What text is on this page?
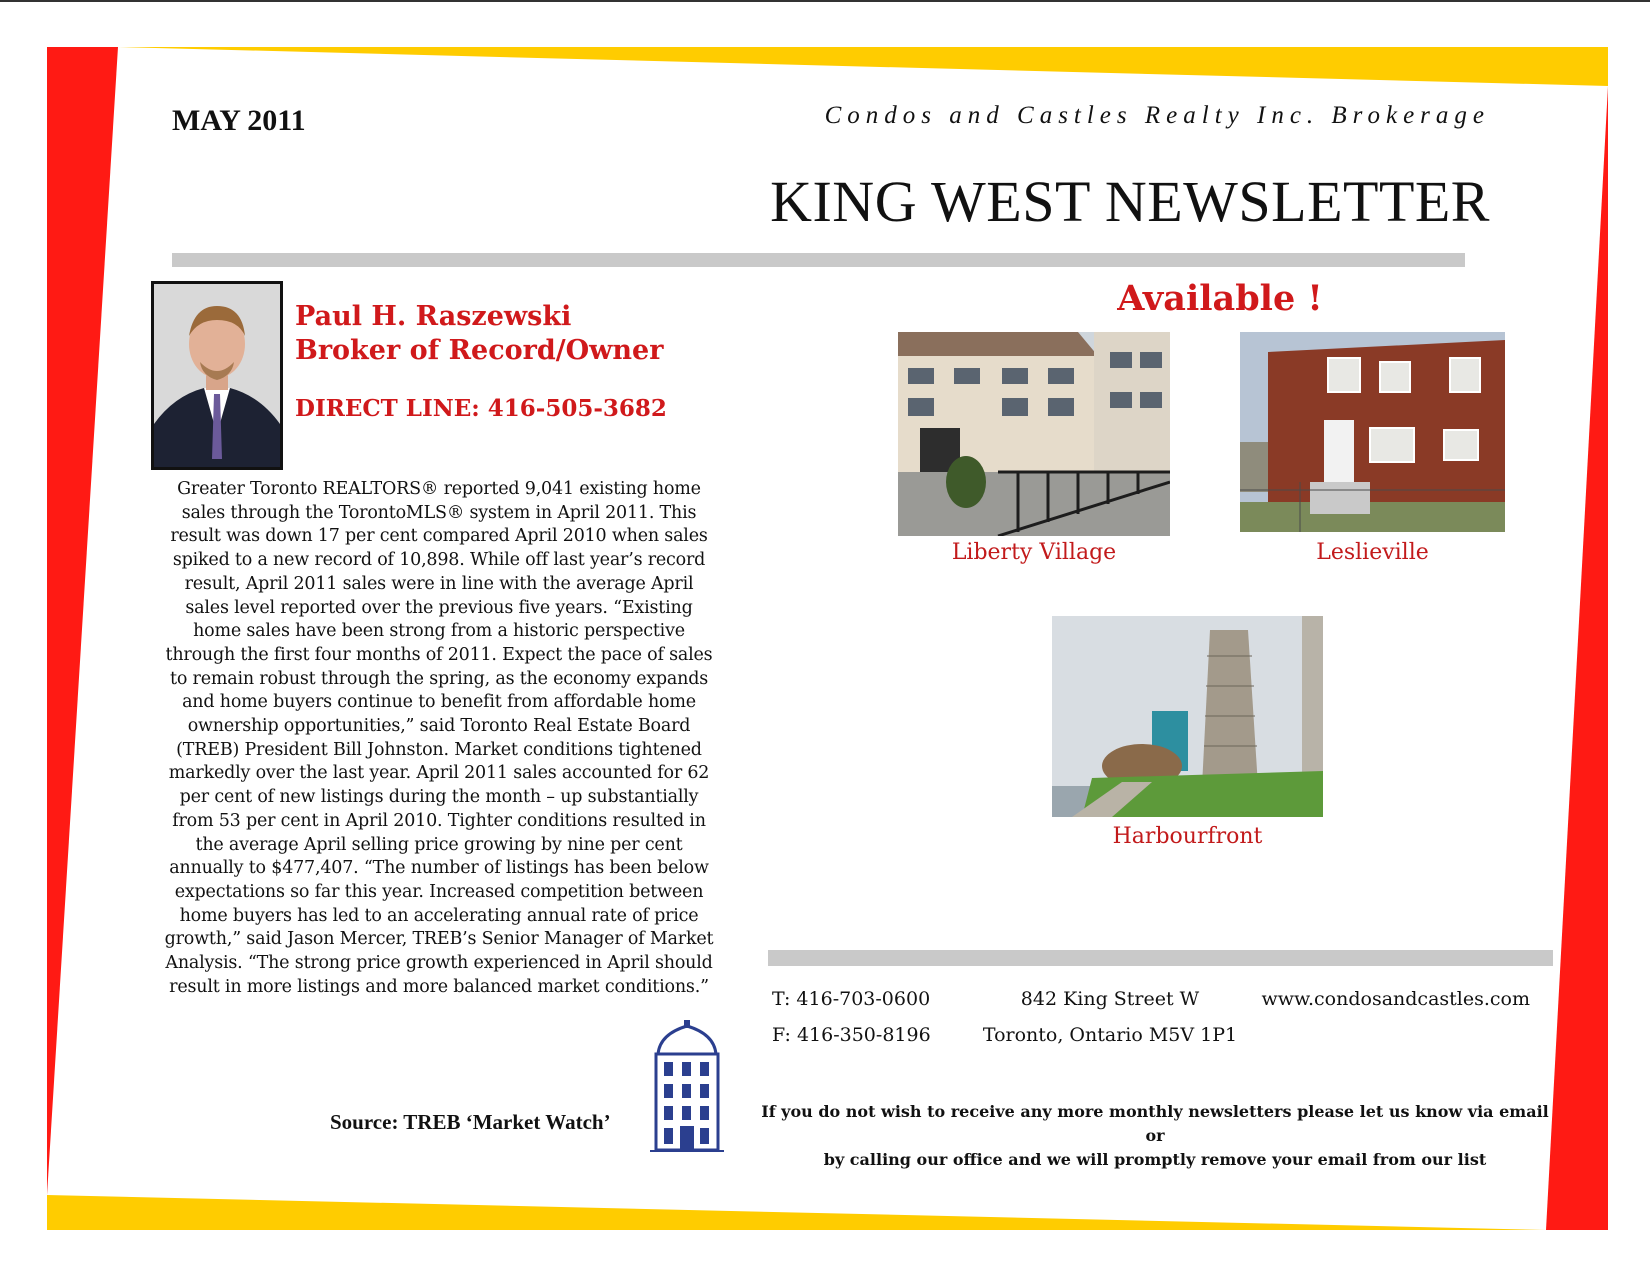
MAY 2011	Condos and Castles Realty Inc. Brokerage
KING WEST NEWSLETTER
Paul H. Raszewski
Broker of Record/Owner
DIRECT LINE: 416-505-3682
Greater Toronto REALTORS® reported 9,041 existing home sales through the TorontoMLS® system in April 2011. This result was down 17 per cent compared April 2010 when sales spiked to a new record of 10,898. While off last year’s record result, April 2011 sales were in line with the average April sales level reported over the previous five years. “Existing home sales have been strong from a historic perspective through the first four months of 2011. Expect the pace of sales to remain robust through the spring, as the economy expands and home buyers continue to benefit from affordable home ownership opportunities,” said Toronto Real Estate Board (TREB) President Bill Johnston. Market conditions tightened markedly over the last year. April 2011 sales accounted for 62 per cent of new listings during the month – up substantially from 53 per cent in April 2010. Tighter conditions resulted in the average April selling price growing by nine per cent annually to $477,407. “The number of listings has been below expectations so far this year. Increased competition between home buyers has led to an accelerating annual rate of price growth,” said Jason Mercer, TREB’s Senior Manager of Market Analysis. “The strong price growth experienced in April should result in more listings and more balanced market conditions.”
Source: TREB ‘Market Watch’
Available !
Liberty Village	Leslieville
Harbourfront
T: 416-703-0600
F: 416-350-8196
842 King Street W
Toronto, Ontario M5V 1P1
www.condosandcastles.com
If you do not wish to receive any more monthly newsletters please let us know via email or
by calling our office and we will promptly remove your email from our list
